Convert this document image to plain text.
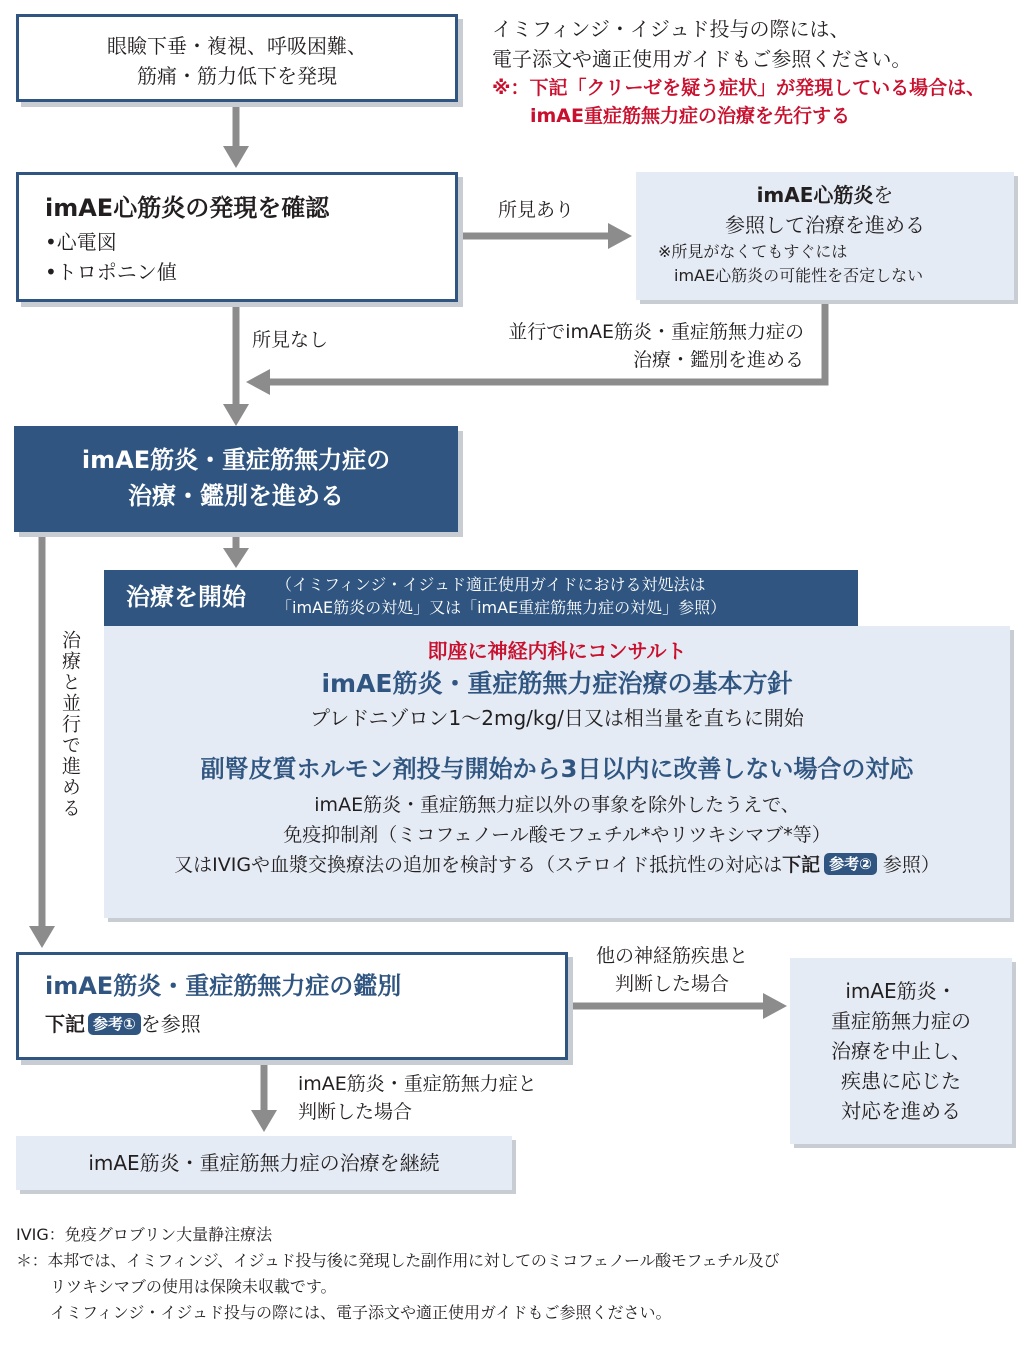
眼瞼下垂・複視、呼吸困難、
筋痛・筋力低下を発現
イミフィンジ・イジュド投与の際には、
電子添文や適正使用ガイドもご参照ください。
※：下記「クリーゼを疑う症状」が発現している場合は、
imAE重症筋無力症の治療を先行する
imAE心筋炎の発現を確認
•心電図
•トロポニン値
所見あり
所見なし
imAE心筋炎を
参照して治療を進める
※所見がなくてもすぐには
imAE心筋炎の可能性を否定しない
並行でimAE筋炎・重症筋無力症の
治療・鑑別を進める
imAE筋炎・重症筋無力症の
治療・鑑別を進める
治療と並行で進める
治療を開始 （イミフィンジ・イジュド適正使用ガイドにおける対処法は
「imAE筋炎の対処」又は「imAE重症筋無力症の対処」参照）
即座に神経内科にコンサルト
imAE筋炎・重症筋無力症治療の基本方針
プレドニゾロン1～2mg/kg/日又は相当量を直ちに開始
副腎皮質ホルモン剤投与開始から3日以内に改善しない場合の対応
imAE筋炎・重症筋無力症以外の事象を除外したうえで、
免疫抑制剤（ミコフェノール酸モフェチル*やリツキシマブ*等）
又はIVIGや血漿交換療法の追加を検討する（ステロイド抵抗性の対応は下記 参考② 参照）
imAE筋炎・重症筋無力症の鑑別
下記 参考① を参照
他の神経筋疾患と
判断した場合	imAE筋炎・
重症筋無力症の
治療を中止し、
疾患に応じた
対応を進める
imAE筋炎・重症筋無力症と
判断した場合
imAE筋炎・重症筋無力症の治療を継続
IVIG：免疫グロブリン大量静注療法
＊：本邦では、イミフィンジ、イジュド投与後に発現した副作用に対してのミコフェノール酸モフェチル及び
リツキシマブの使用は保険未収載です。
イミフィンジ・イジュド投与の際には、電子添文や適正使用ガイドもご参照ください。
